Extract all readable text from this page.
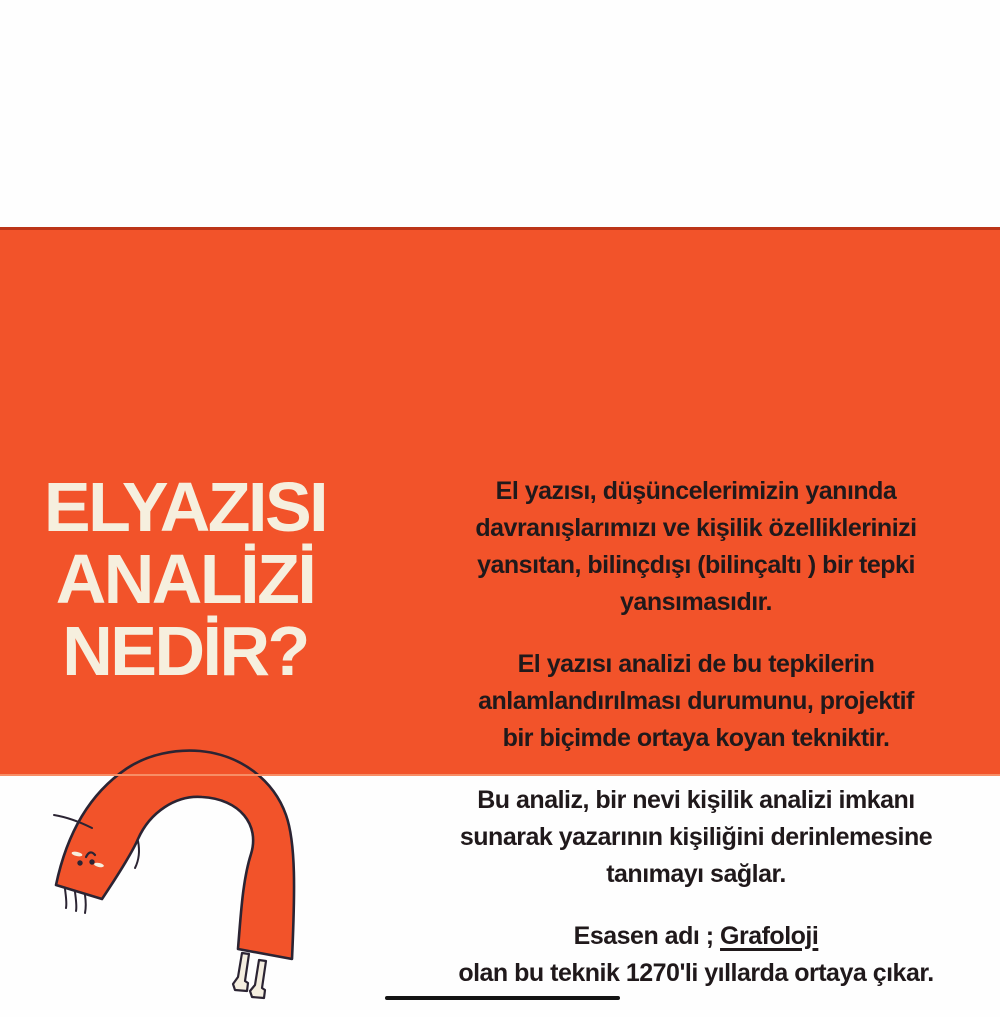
ELYAZISI
ANALİZİ
NEDİR?

El yazısı, düşüncelerimizin yanında
davranışlarımızı ve kişilik özelliklerinizi
yansıtan, bilinçdışı (bilinçaltı ) bir tepki
yansımasıdır.

El yazısı analizi de bu tepkilerin
anlamlandırılması durumunu, projektif
bir biçimde ortaya koyan tekniktir.

Bu analiz, bir nevi kişilik analizi imkanı
sunarak yazarının kişiliğini derinlemesine
tanımayı sağlar.

Esasen adı ; Grafoloji
olan bu teknik 1270'li yıllarda ortaya çıkar.
